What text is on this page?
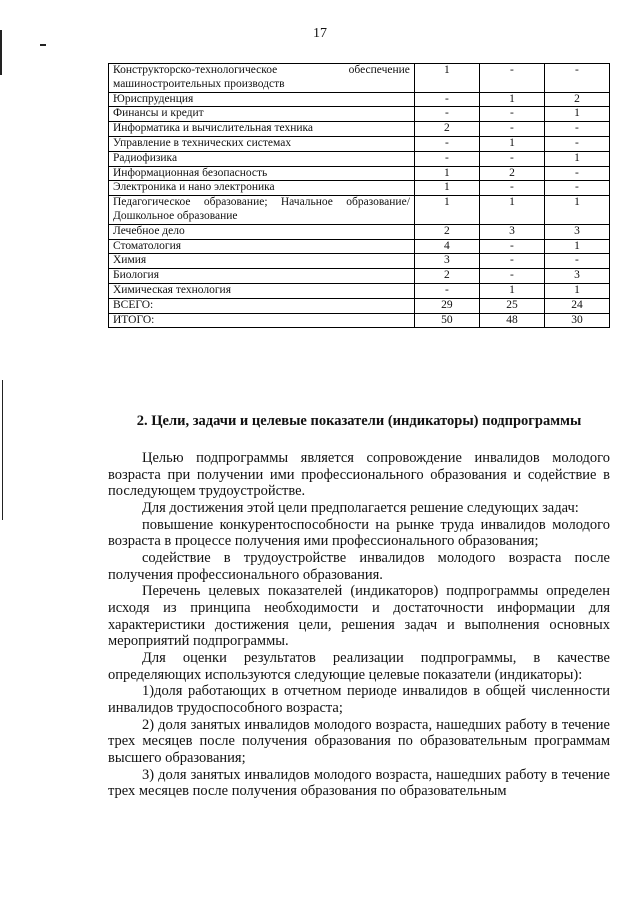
17
Конструкторско-технологическое обеспечение машиностроительных производств	1	-	-
Юриспруденция	-	1	2
Финансы и кредит	-	-	1
Информатика и вычислительная техника	2	-	-
Управление в технических системах	-	1	-
Радиофизика	-	-	1
Информационная безопасность	1	2	-
Электроника и нано электроника	1	-	-
Педагогическое образование; Начальное образование/Дошкольное образование	1	1	1
Лечебное дело	2	3	3
Стоматология	4	-	1
Химия	3	-	-
Биология	2	-	3
Химическая технология	-	1	1
ВСЕГО:	29	25	24
ИТОГО:	50	48	30
2. Цели, задачи и целевые показатели (индикаторы) подпрограммы

Целью подпрограммы является сопровождение инвалидов молодого возраста при получении ими профессионального образования и содействие в последующем трудоустройстве.

Для достижения этой цели предполагается решение следующих задач:

повышение конкурентоспособности на рынке труда инвалидов молодого возраста в процессе получения ими профессионального образования;

содействие в трудоустройстве инвалидов молодого возраста после получения профессионального образования.

Перечень целевых показателей (индикаторов) подпрограммы определен исходя из принципа необходимости и достаточности информации для характеристики достижения цели, решения задач и выполнения основных мероприятий подпрограммы.

Для оценки результатов реализации подпрограммы, в качестве определяющих используются следующие целевые показатели (индикаторы):

1)доля работающих в отчетном периоде инвалидов в общей численности инвалидов трудоспособного возраста;

2) доля занятых инвалидов молодого возраста, нашедших работу в течение трех месяцев после получения образования по образовательным программам высшего образования;

3) доля занятых инвалидов молодого возраста, нашедших работу в течение трех месяцев после получения образования по образовательным
